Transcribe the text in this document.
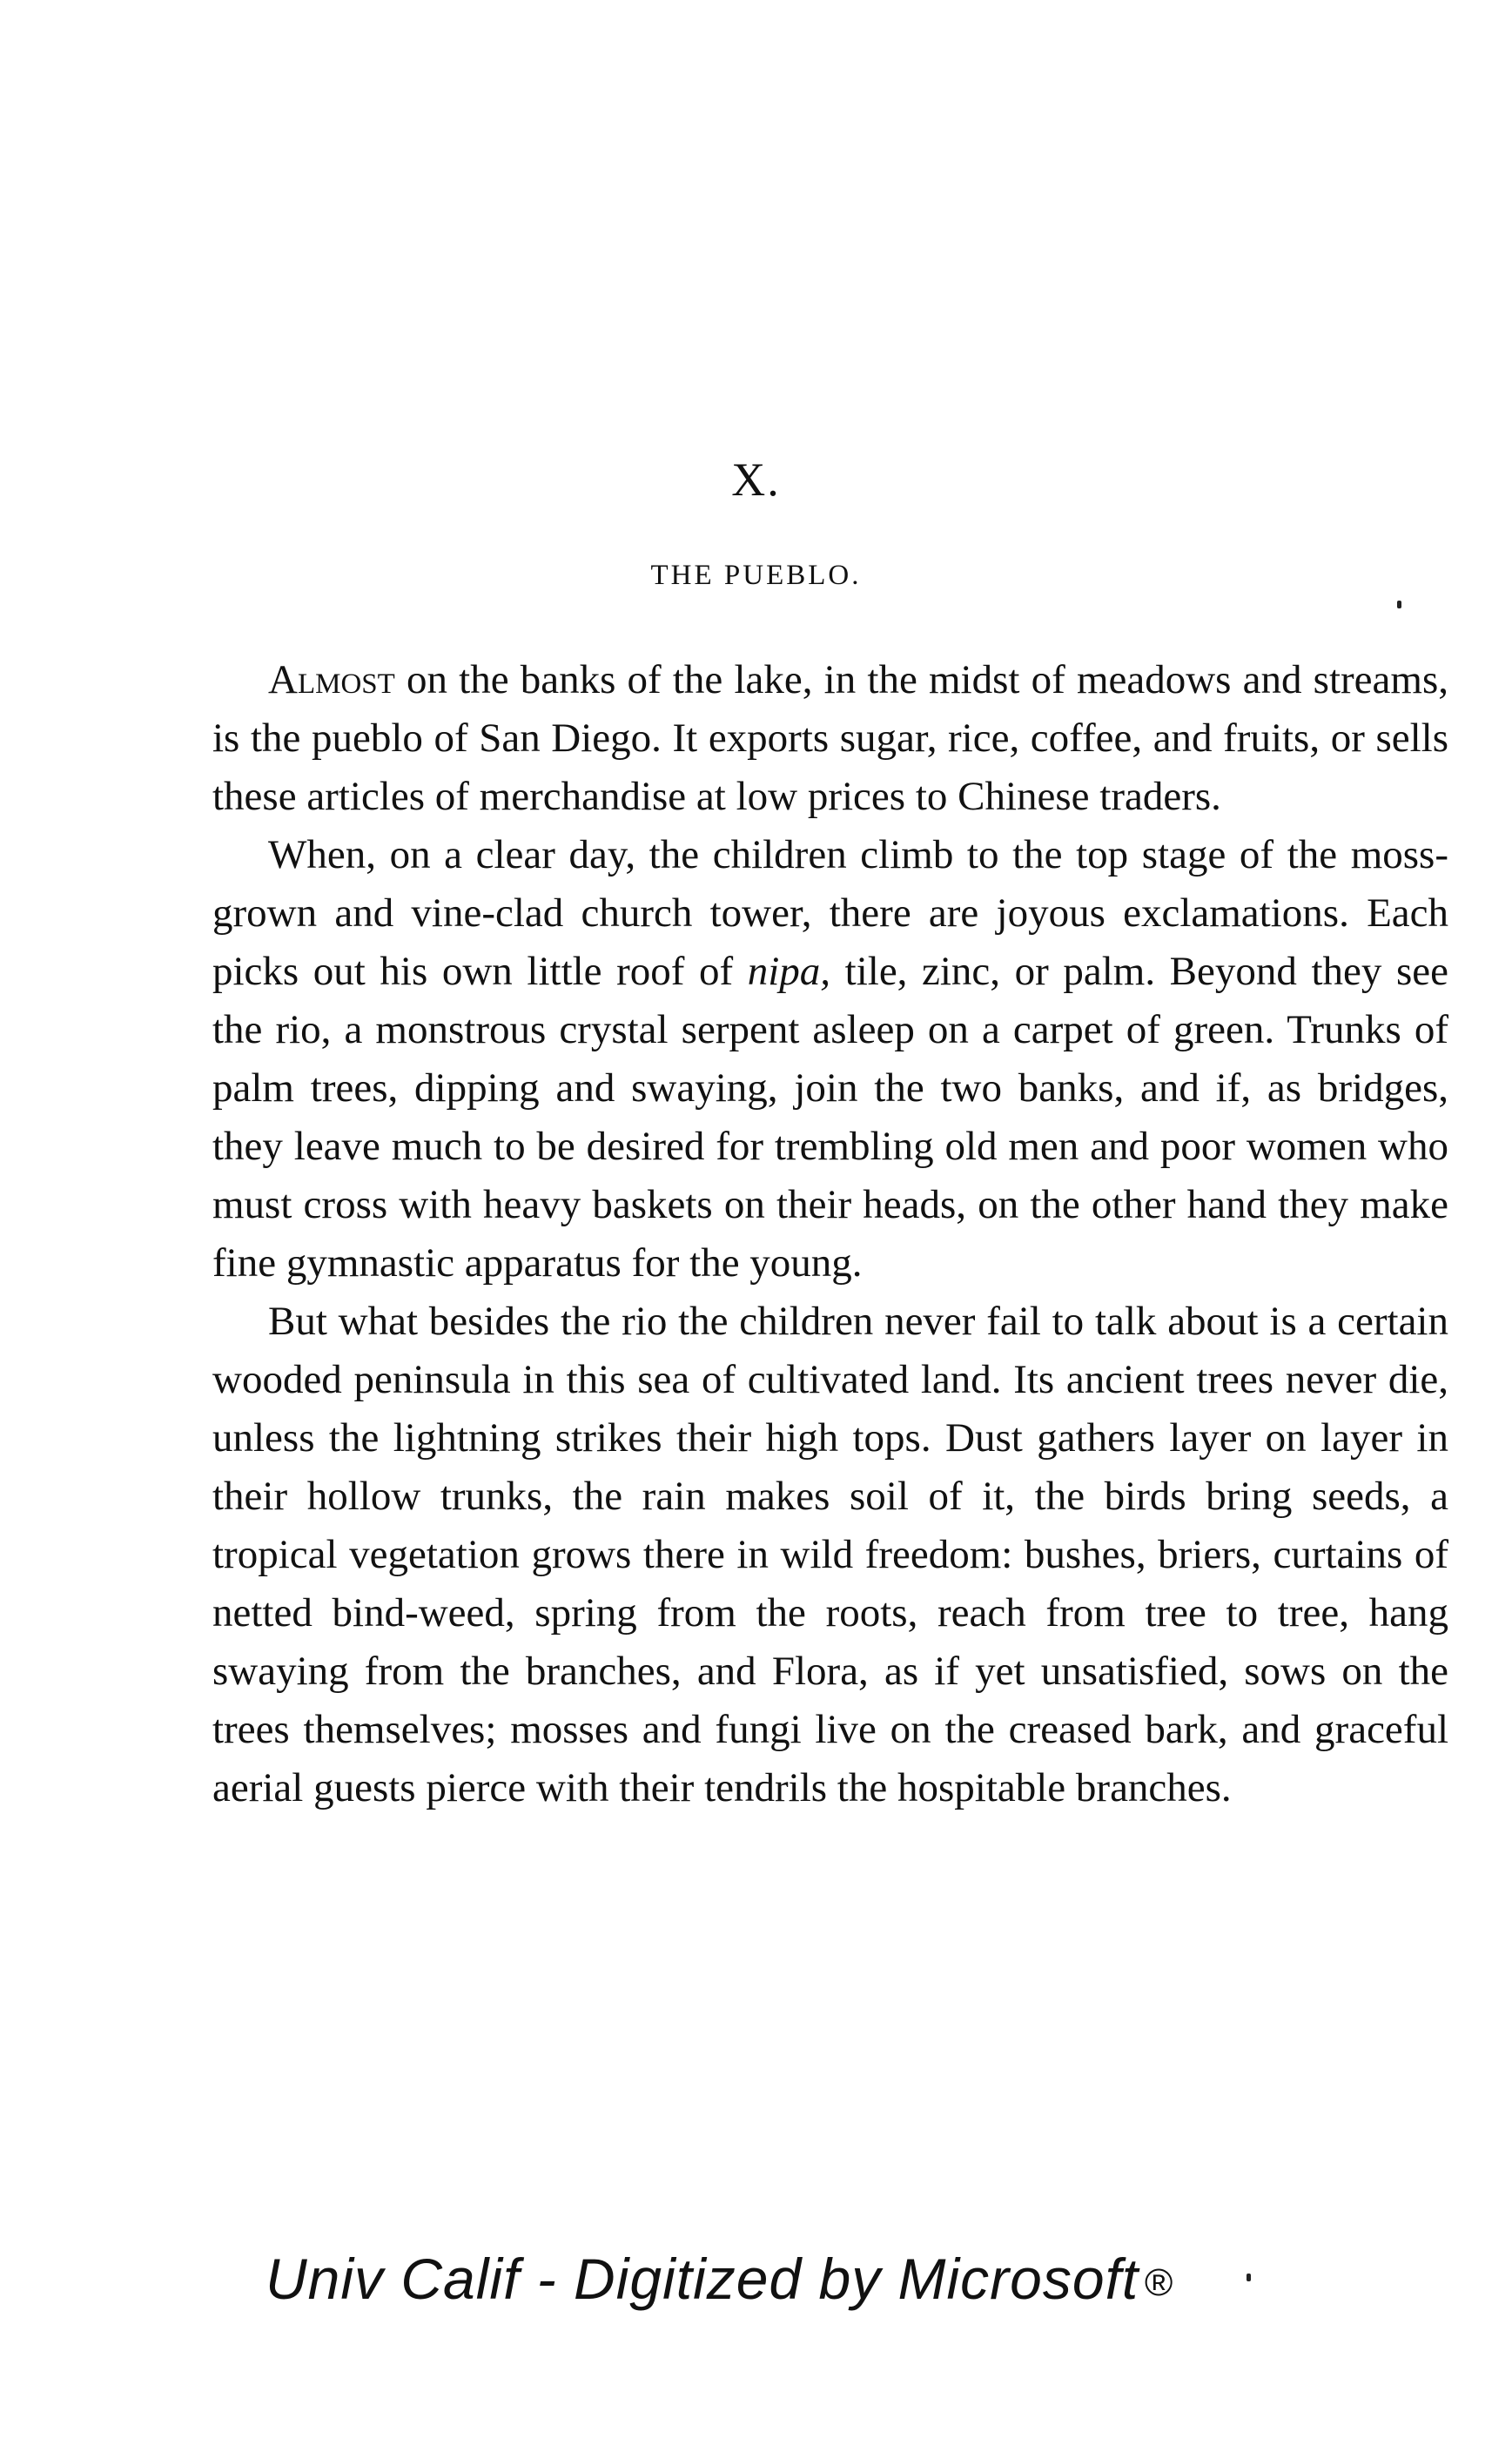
X.
THE PUEBLO.

Almost on the banks of the lake, in the midst of meadows and streams, is the pueblo of San Diego. It exports sugar, rice, coffee, and fruits, or sells these articles of merchandise at low prices to Chinese traders.

When, on a clear day, the children climb to the top stage of the moss-grown and vine-clad church tower, there are joyous exclamations. Each picks out his own little roof of nipa, tile, zinc, or palm. Beyond they see the rio, a monstrous crystal serpent asleep on a carpet of green. Trunks of palm trees, dipping and swaying, join the two banks, and if, as bridges, they leave much to be desired for trembling old men and poor women who must cross with heavy baskets on their heads, on the other hand they make fine gymnastic apparatus for the young.

But what besides the rio the children never fail to talk about is a certain wooded peninsula in this sea of cultivated land. Its ancient trees never die, unless the lightning strikes their high tops. Dust gathers layer on layer in their hollow trunks, the rain makes soil of it, the birds bring seeds, a tropical vegetation grows there in wild freedom: bushes, briers, curtains of netted bind-weed, spring from the roots, reach from tree to tree, hang swaying from the branches, and Flora, as if yet unsatisfied, sows on the trees themselves; mosses and fungi live on the creased bark, and graceful aerial guests pierce with their tendrils the hospitable branches.

Univ Calif - Digitized by Microsoft ®
